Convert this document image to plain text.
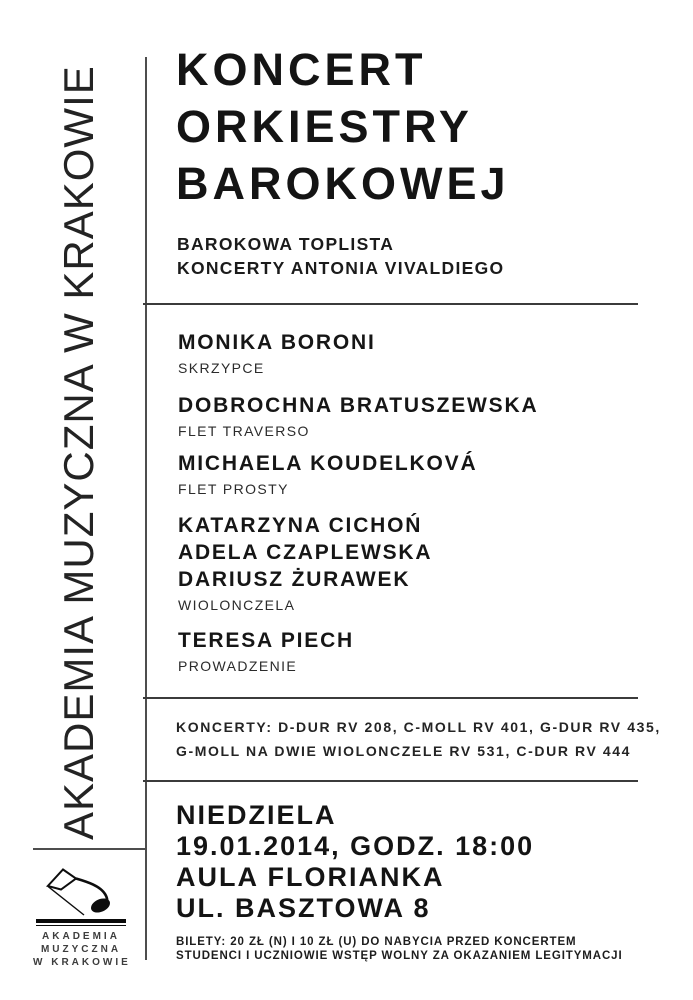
AKADEMIA MUZYCZNA W KRAKOWIE KONCERT
ORKIESTRY
BAROKOWEJ
BAROKOWA TOPLISTA
KONCERTY ANTONIA VIVALDIEGO
MONIKA BORONI
SKRZYPCE
DOBROCHNA BRATUSZEWSKA
FLET TRAVERSO
MICHAELA KOUDELKOVÁ
FLET PROSTY
KATARZYNA CICHOŃ
ADELA CZAPLEWSKA
DARIUSZ ŻURAWEK
WIOLONCZELA
TERESA PIECH
PROWADZENIE
KONCERTY: D-DUR RV 208, C-MOLL RV 401, G-DUR RV 435,
G-MOLL NA DWIE WIOLONCZELE RV 531, C-DUR RV 444
NIEDZIELA
19.01.2014, GODZ. 18:00
AULA FLORIANKA
UL. BASZTOWA 8
BILETY: 20 ZŁ (N) I 10 ZŁ (U) DO NABYCIA PRZED KONCERTEM
STUDENCI I UCZNIOWIE WSTĘP WOLNY ZA OKAZANIEM LEGITYMACJI
AKADEMIA
MUZYCZNA
W KRAKOWIE
